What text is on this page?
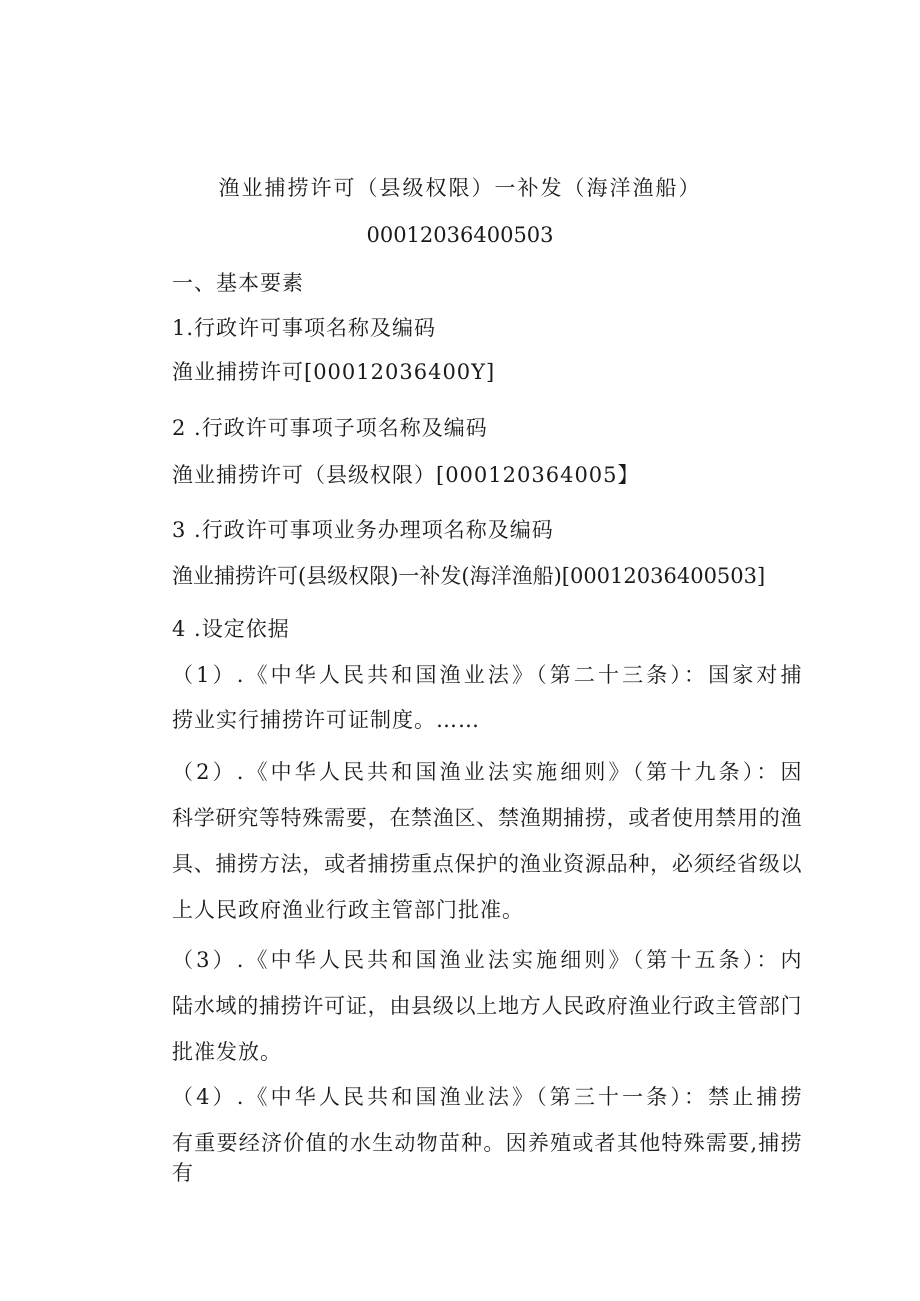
渔业捕捞许可（县级权限）一补发（海洋渔船）
00012036400503
一、基本要素
1.行政许可事项名称及编码
渔业捕捞许可[00012036400Y]
2 .行政许可事项子项名称及编码
渔业捕捞许可（县级权限）[000120364005】
3 .行政许可事项业务办理项名称及编码
渔业捕捞许可(县级权限)一补发(海洋渔船)[00012036400503]
4 .设定依据
（1）.《中华人民共和国渔业法》（第二十三条）：国家对捕
捞业实行捕捞许可证制度。……
（2）.《中华人民共和国渔业法实施细则》（第十九条）：因
科学研究等特殊需要，在禁渔区、禁渔期捕捞，或者使用禁用的渔
具、捕捞方法，或者捕捞重点保护的渔业资源品种，必须经省级以
上人民政府渔业行政主管部门批准。
（3）.《中华人民共和国渔业法实施细则》（第十五条）：内
陆水域的捕捞许可证，由县级以上地方人民政府渔业行政主管部门
批准发放。
（4）.《中华人民共和国渔业法》（第三十一条）：禁止捕捞
有重要经济价值的水生动物苗种。因养殖或者其他特殊需要,捕捞有
